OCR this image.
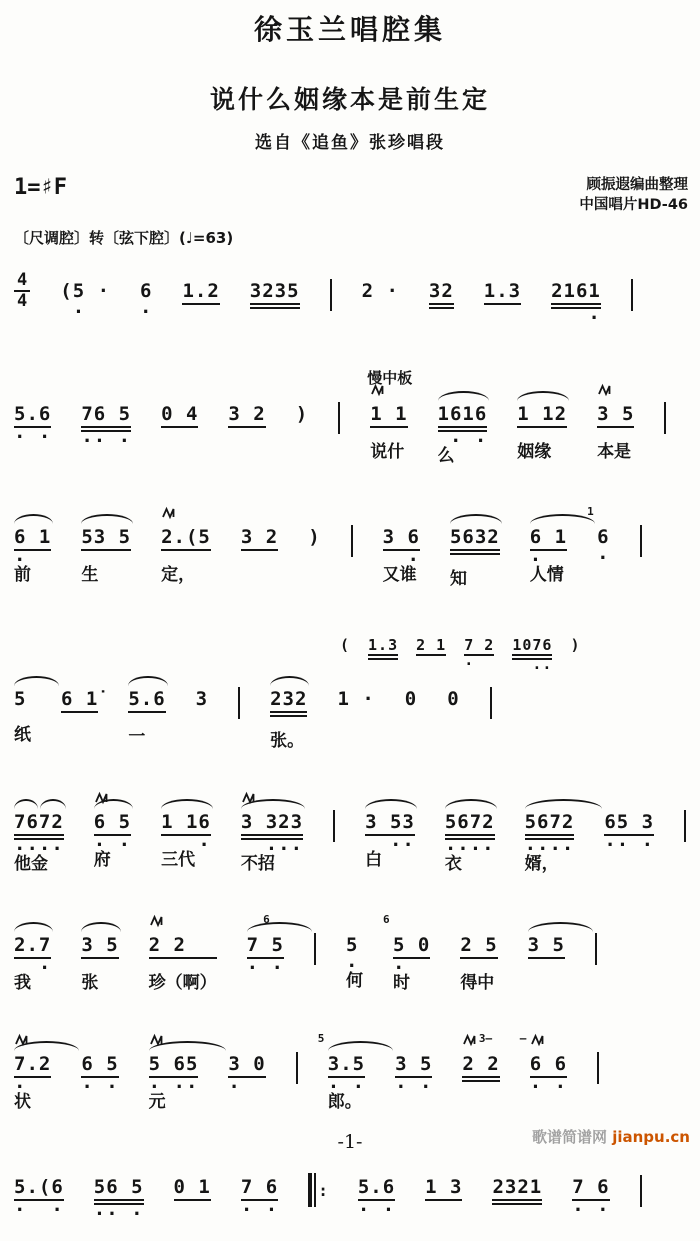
徐玉兰唱腔集
说什么姻缘本是前生定
选自《追鱼》张珍唱段
1=♯F	顾振遐编曲整理
中国唱片HD-46
〔尺调腔〕转〔弦下腔〕(♩=63)
$\frac{4}{4} (5$ ·
.
6
.
1.2 3235	2 · 32 1.3 2161
.
5.6
. .
76 5
.. .
0 4 3 2 )
慢中板
1 1
说什
1616
. .
么
1 12
姻缘
3 5
本是
6 1
.
前
53 5
生
2.(5
定，
3 2 )	3 6
.
又谁
5632
知
6 1
.
人情
1
6
.
( 1.3 2 1 7 2
.
1076
..
)
5
纸
6 1̇ 5.6
一
3	232
张。
1 · 0 0
7672
....
他金
6 5
. .
府
1 16
.
三代
3 323
...
不招
3 53
..
白
5672
....
衣
5672
....
婿，
65 3
.. .
2.7
.
我
3 5
张
2 2
珍（啊）
6
7 5
. .
5
.
何
6
5 0
.
时
2 5
得中
3 5
7.2
.
状
6 5
. .
5 65
. ..
元
3 0
.
5
3.5
. .
郎。
3 5
. .
3–
2 2
–
6 6
. .
5.(6
.  .
56 5
.. .
0 1 7 6
. .
: 5.6
. .
1 3 2321 7 6
. .
-1-	歌谱简谱网 jianpu.cn
